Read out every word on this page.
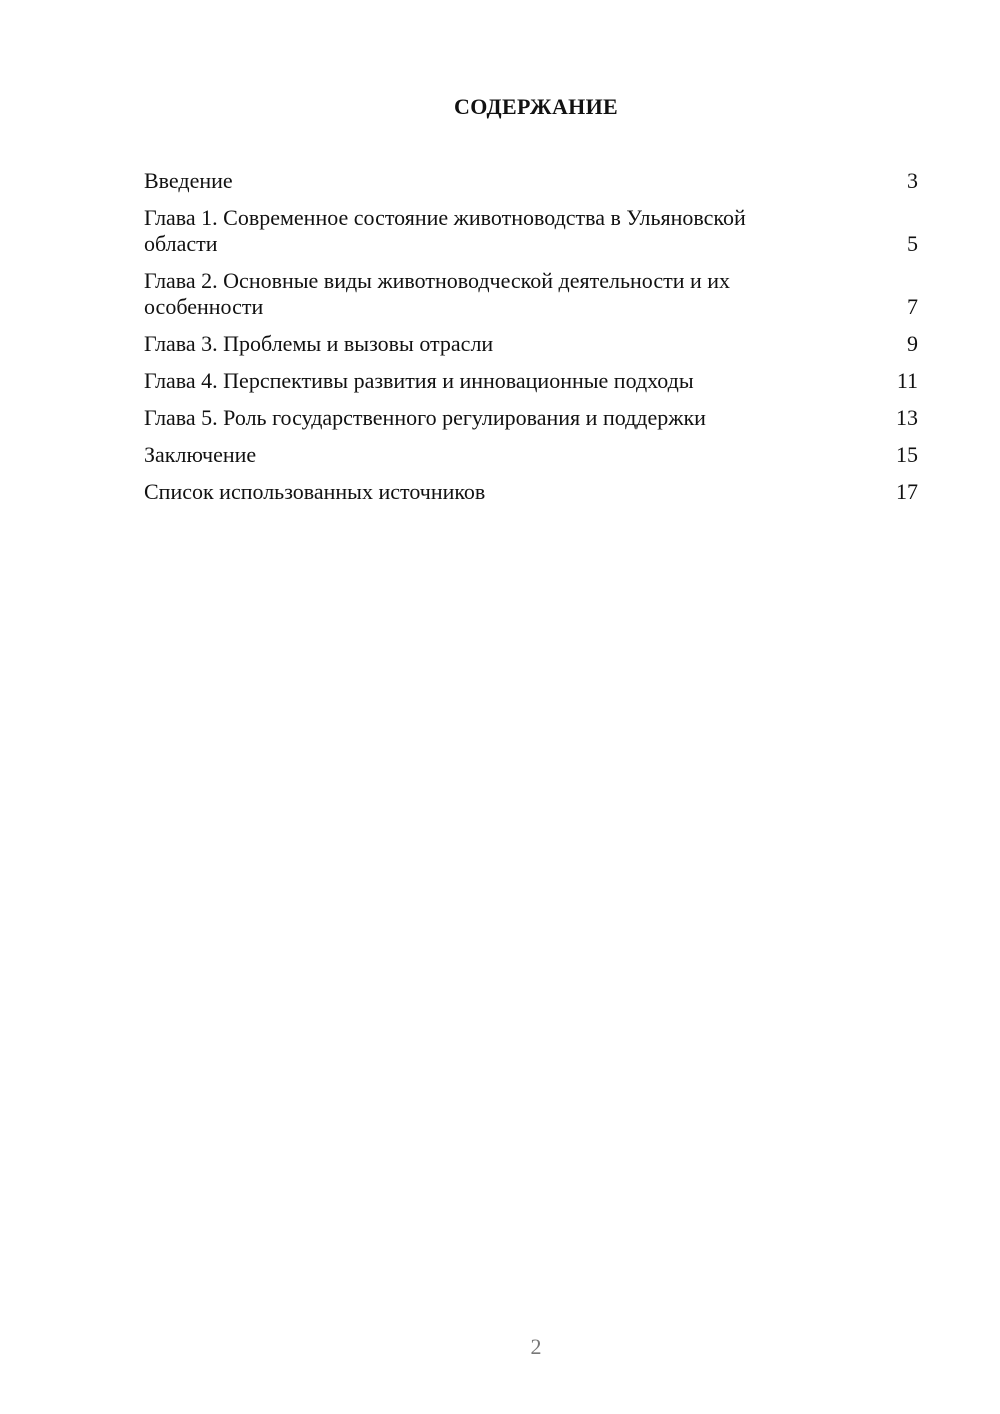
СОДЕРЖАНИЕ
Введение	3
Глава 1. Современное состояние животноводства в Ульяновской области	5
Глава 2. Основные виды животноводческой деятельности и их особенности	7
Глава 3. Проблемы и вызовы отрасли	9
Глава 4. Перспективы развития и инновационные подходы	11
Глава 5. Роль государственного регулирования и поддержки	13
Заключение	15
Список использованных источников	17
2
